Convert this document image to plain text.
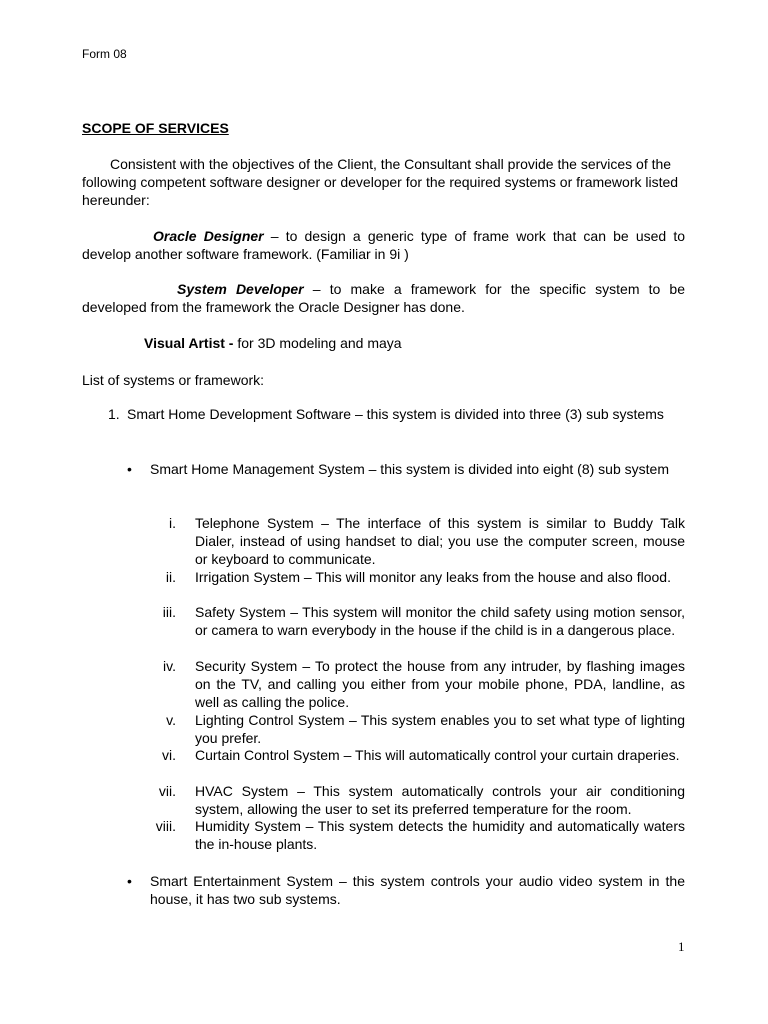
Form 08
SCOPE OF SERVICES
Consistent with the objectives of the Client, the Consultant shall provide the services of the following competent software designer or developer for the required systems or framework listed hereunder:
Oracle Designer – to design a generic type of frame work that can be used to develop another software framework. (Familiar in 9i )
System Developer – to make a framework for the specific system to be developed from the framework the Oracle Designer has done.
Visual Artist - for 3D modeling and maya
List of systems or framework:
1. Smart Home Development Software – this system is divided into three (3) sub systems
•	Smart Home Management System – this system is divided into eight (8) sub system
i. Telephone System – The interface of this system is similar to Buddy Talk Dialer, instead of using handset to dial; you use the computer screen, mouse or keyboard to communicate.
ii. Irrigation System – This will monitor any leaks from the house and also flood.
iii. Safety System – This system will monitor the child safety using motion sensor, or camera to warn everybody in the house if the child is in a dangerous place.
iv. Security System – To protect the house from any intruder, by flashing images on the TV, and calling you either from your mobile phone, PDA, landline, as well as calling the police.
v. Lighting Control System – This system enables you to set what type of lighting you prefer.
vi. Curtain Control System – This will automatically control your curtain draperies.
vii. HVAC System – This system automatically controls your air conditioning system, allowing the user to set its preferred temperature for the room.
viii. Humidity System – This system detects the humidity and automatically waters the in-house plants.
•	Smart Entertainment System – this system controls your audio video system in the house, it has two sub systems.
1
